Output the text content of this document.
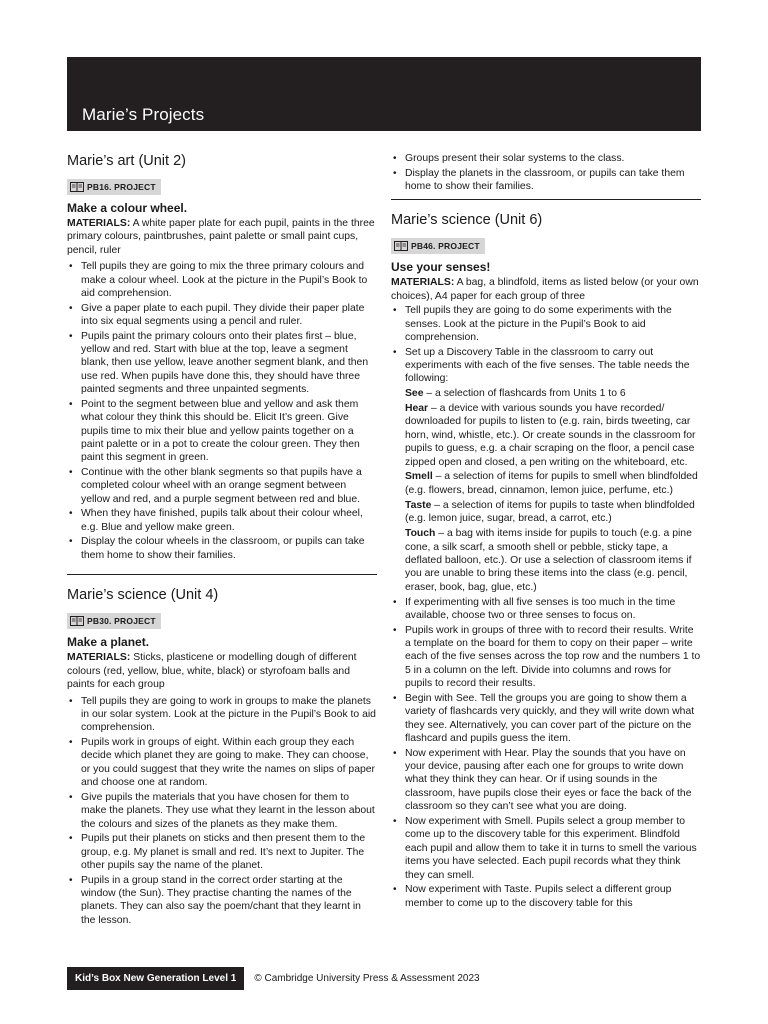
Marie’s Projects
Marie’s art (Unit 2)
PB16. PROJECT
Make a colour wheel.

MATERIALS: A white paper plate for each pupil, paints in the three primary colours, paintbrushes, paint palette or small paint cups, pencil, ruler

• Tell pupils they are going to mix the three primary colours and make a colour wheel. Look at the picture in the Pupil’s Book to aid comprehension.
• Give a paper plate to each pupil. They divide their paper plate into six equal segments using a pencil and ruler.
• Pupils paint the primary colours onto their plates first – blue, yellow and red. Start with blue at the top, leave a segment blank, then use yellow, leave another segment blank, and then use red. When pupils have done this, they should have three painted segments and three unpainted segments.
• Point to the segment between blue and yellow and ask them what colour they think this should be. Elicit It’s green. Give pupils time to mix their blue and yellow paints together on a paint palette or in a pot to create the colour green. They then paint this segment in green.
• Continue with the other blank segments so that pupils have a completed colour wheel with an orange segment between yellow and red, and a purple segment between red and blue.
• When they have finished, pupils talk about their colour wheel, e.g. Blue and yellow make green.
• Display the colour wheels in the classroom, or pupils can take them home to show their families.
Marie’s science (Unit 4)
PB30. PROJECT
Make a planet.

MATERIALS: Sticks, plasticene or modelling dough of different colours (red, yellow, blue, white, black) or styrofoam balls and paints for each group

• Tell pupils they are going to work in groups to make the planets in our solar system. Look at the picture in the Pupil’s Book to aid comprehension.
• Pupils work in groups of eight. Within each group they each decide which planet they are going to make. They can choose, or you could suggest that they write the names on slips of paper and choose one at random.
• Give pupils the materials that you have chosen for them to make the planets. They use what they learnt in the lesson about the colours and sizes of the planets as they make them.
• Pupils put their planets on sticks and then present them to the group, e.g. My planet is small and red. It’s next to Jupiter. The other pupils say the name of the planet.
• Pupils in a group stand in the correct order starting at the window (the Sun). They practise chanting the names of the planets. They can also say the poem/chant that they learnt in the lesson.
• Groups present their solar systems to the class.
• Display the planets in the classroom, or pupils can take them home to show their families.
Marie’s science (Unit 6)
PB46. PROJECT
Use your senses!

MATERIALS: A bag, a blindfold, items as listed below (or your own choices), A4 paper for each group of three

• Tell pupils they are going to do some experiments with the senses. Look at the picture in the Pupil’s Book to aid comprehension.
• Set up a Discovery Table in the classroom to carry out experiments with each of the five senses. The table needs the following:

See – a selection of flashcards from Units 1 to 6

Hear – a device with various sounds you have recorded/ downloaded for pupils to listen to (e.g. rain, birds tweeting, car horn, wind, whistle, etc.). Or create sounds in the classroom for pupils to guess, e.g. a chair scraping on the floor, a pencil case zipped open and closed, a pen writing on the whiteboard, etc.

Smell – a selection of items for pupils to smell when blindfolded (e.g. flowers, bread, cinnamon, lemon juice, perfume, etc.)

Taste – a selection of items for pupils to taste when blindfolded (e.g. lemon juice, sugar, bread, a carrot, etc.)

Touch – a bag with items inside for pupils to touch (e.g. a pine cone, a silk scarf, a smooth shell or pebble, sticky tape, a deflated balloon, etc.). Or use a selection of classroom items if you are unable to bring these items into the class (e.g. pencil, eraser, book, bag, glue, etc.)

• If experimenting with all five senses is too much in the time available, choose two or three senses to focus on.
• Pupils work in groups of three with to record their results. Write a template on the board for them to copy on their paper – write each of the five senses across the top row and the numbers 1 to 5 in a column on the left. Divide into columns and rows for pupils to record their results.
• Begin with See. Tell the groups you are going to show them a variety of flashcards very quickly, and they will write down what they see. Alternatively, you can cover part of the picture on the flashcard and pupils guess the item.
• Now experiment with Hear. Play the sounds that you have on your device, pausing after each one for groups to write down what they think they can hear. Or if using sounds in the classroom, have pupils close their eyes or face the back of the classroom so they can’t see what you are doing.
• Now experiment with Smell. Pupils select a group member to come up to the discovery table for this experiment. Blindfold each pupil and allow them to take it in turns to smell the various items you have selected. Each pupil records what they think they can smell.
• Now experiment with Taste. Pupils select a different group member to come up to the discovery table for this
Kid’s Box New Generation Level 1	© Cambridge University Press & Assessment 2023
